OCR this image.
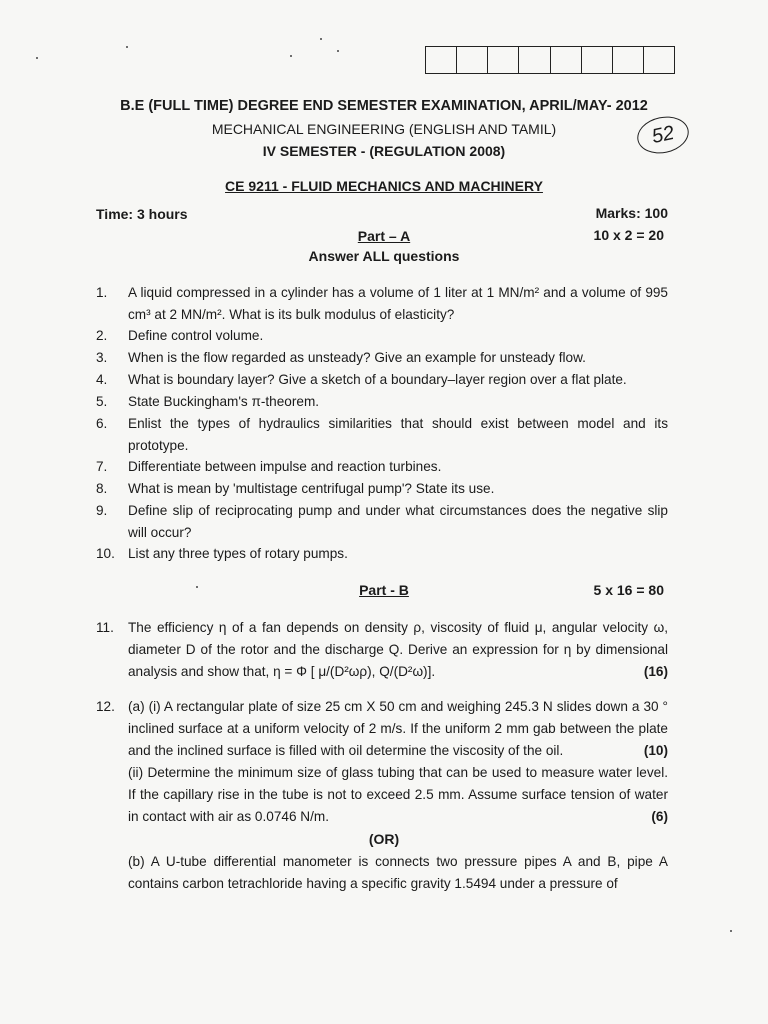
B.E (FULL TIME) DEGREE END SEMESTER EXAMINATION, APRIL/MAY- 2012
MECHANICAL ENGINEERING (ENGLISH AND TAMIL)
IV SEMESTER - (REGULATION 2008)
52
CE 9211 - FLUID MECHANICS AND MACHINERY
Time: 3 hours	Marks: 100
Part – A	10 x 2 = 20
Answer ALL questions
1.	A liquid compressed in a cylinder has a volume of 1 liter at 1 MN/m² and a volume of 995 cm³ at 2 MN/m². What is its bulk modulus of elasticity?
2.	Define control volume.
3.	When is the flow regarded as unsteady? Give an example for unsteady flow.
4.	What is boundary layer? Give a sketch of a boundary–layer region over a flat plate.
5.	State Buckingham's π-theorem.
6.	Enlist the types of hydraulics similarities that should exist between model and its prototype.
7.	Differentiate between impulse and reaction turbines.
8.	What is mean by 'multistage centrifugal pump'? State its use.
9.	Define slip of reciprocating pump and under what circumstances does the negative slip will occur?
10. List any three types of rotary pumps.
Part - B	5 x 16 = 80
11.	The efficiency η of a fan depends on density ρ, viscosity of fluid μ, angular velocity ω, diameter D of the rotor and the discharge Q. Derive an expression for η by dimensional analysis and show that, η = Φ [ μ/(D²ωρ), Q/(D²ω)].	(16)
12. (a) (i) A rectangular plate of size 25 cm X 50 cm and weighing 245.3 N slides down a 30 ° inclined surface at a uniform velocity of 2 m/s. If the uniform 2 mm gab between the plate and the inclined surface is filled with oil determine the viscosity of the oil.	(10)
(ii) Determine the minimum size of glass tubing that can be used to measure water level. If the capillary rise in the tube is not to exceed 2.5 mm. Assume surface tension of water in contact with air as 0.0746 N/m.	(6)
(OR)
(b) A U-tube differential manometer is connects two pressure pipes A and B, pipe A contains carbon tetrachloride having a specific gravity 1.5494 under a pressure of
